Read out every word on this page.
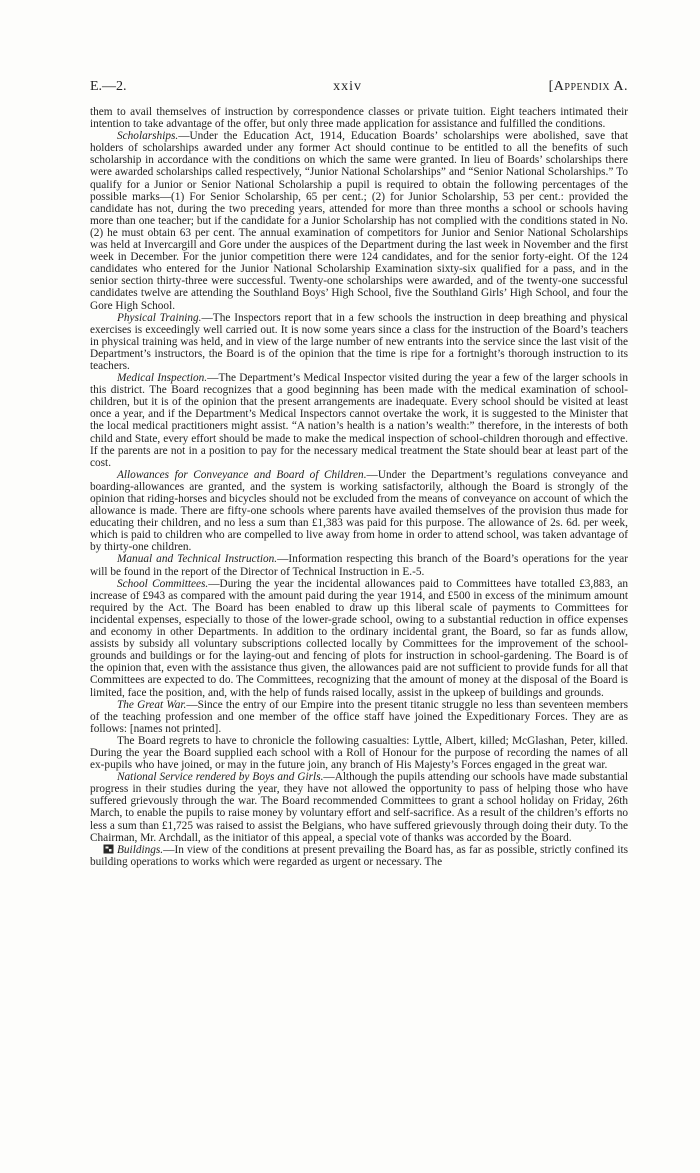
E.—2.	xxiv	[Appendix A.

them to avail themselves of instruction by correspondence classes or private tuition. Eight teachers intimated their intention to take advantage of the offer, but only three made application for assistance and fulfilled the conditions.

Scholarships.—Under the Education Act, 1914, Education Boards’ scholarships were abolished, save that holders of scholarships awarded under any former Act should continue to be entitled to all the benefits of such scholarship in accordance with the conditions on which the same were granted. In lieu of Boards’ scholarships there were awarded scholarships called respectively, “Junior National Scholarships” and “Senior National Scholarships.” To qualify for a Junior or Senior National Scholarship a pupil is required to obtain the following percentages of the possible marks—(1) For Senior Scholarship, 65 per cent.; (2) for Junior Scholarship, 53 per cent.: provided the candidate has not, during the two preceding years, attended for more than three months a school or schools having more than one teacher; but if the candidate for a Junior Scholarship has not complied with the conditions stated in No. (2) he must obtain 63 per cent. The annual examination of competitors for Junior and Senior National Scholarships was held at Invercargill and Gore under the auspices of the Department during the last week in November and the first week in December. For the junior competition there were 124 candidates, and for the senior forty-eight. Of the 124 candidates who entered for the Junior National Scholarship Examination sixty-six qualified for a pass, and in the senior section thirty-three were successful. Twenty-one scholarships were awarded, and of the twenty-one successful candidates twelve are attending the Southland Boys’ High School, five the Southland Girls’ High School, and four the Gore High School.

Physical Training.—The Inspectors report that in a few schools the instruction in deep breathing and physical exercises is exceedingly well carried out. It is now some years since a class for the instruction of the Board’s teachers in physical training was held, and in view of the large number of new entrants into the service since the last visit of the Department’s instructors, the Board is of the opinion that the time is ripe for a fortnight’s thorough instruction to its teachers.

Medical Inspection.—The Department’s Medical Inspector visited during the year a few of the larger schools in this district. The Board recognizes that a good beginning has been made with the medical examination of school-children, but it is of the opinion that the present arrangements are inadequate. Every school should be visited at least once a year, and if the Department’s Medical Inspectors cannot overtake the work, it is suggested to the Minister that the local medical practitioners might assist. “A nation’s health is a nation’s wealth:” therefore, in the interests of both child and State, every effort should be made to make the medical inspection of school-children thorough and effective. If the parents are not in a position to pay for the necessary medical treatment the State should bear at least part of the cost.

Allowances for Conveyance and Board of Children.—Under the Department’s regulations conveyance and boarding-allowances are granted, and the system is working satisfactorily, although the Board is strongly of the opinion that riding-horses and bicycles should not be excluded from the means of conveyance on account of which the allowance is made. There are fifty-one schools where parents have availed themselves of the provision thus made for educating their children, and no less a sum than £1,383 was paid for this purpose. The allowance of 2s. 6d. per week, which is paid to children who are compelled to live away from home in order to attend school, was taken advantage of by thirty-one children.

Manual and Technical Instruction.—Information respecting this branch of the Board’s operations for the year will be found in the report of the Director of Technical Instruction in E.-5.

School Committees.—During the year the incidental allowances paid to Committees have totalled £3,883, an increase of £943 as compared with the amount paid during the year 1914, and £500 in excess of the minimum amount required by the Act. The Board has been enabled to draw up this liberal scale of payments to Committees for incidental expenses, especially to those of the lower-grade school, owing to a substantial reduction in office expenses and economy in other Departments. In addition to the ordinary incidental grant, the Board, so far as funds allow, assists by subsidy all voluntary subscriptions collected locally by Committees for the improvement of the school-grounds and buildings or for the laying-out and fencing of plots for instruction in school-gardening. The Board is of the opinion that, even with the assistance thus given, the allowances paid are not sufficient to provide funds for all that Committees are expected to do. The Committees, recognizing that the amount of money at the disposal of the Board is limited, face the position, and, with the help of funds raised locally, assist in the upkeep of buildings and grounds.

The Great War.—Since the entry of our Empire into the present titanic struggle no less than seventeen members of the teaching profession and one member of the office staff have joined the Expeditionary Forces. They are as follows: [names not printed].

The Board regrets to have to chronicle the following casualties: Lyttle, Albert, killed; McGlashan, Peter, killed. During the year the Board supplied each school with a Roll of Honour for the purpose of recording the names of all ex-pupils who have joined, or may in the future join, any branch of His Majesty’s Forces engaged in the great war.

National Service rendered by Boys and Girls.—Although the pupils attending our schools have made substantial progress in their studies during the year, they have not allowed the opportunity to pass of helping those who have suffered grievously through the war. The Board recommended Committees to grant a school holiday on Friday, 26th March, to enable the pupils to raise money by voluntary effort and self-sacrifice. As a result of the children’s efforts no less a sum than £1,725 was raised to assist the Belgians, who have suffered grievously through doing their duty. To the Chairman, Mr. Archdall, as the initiator of this appeal, a special vote of thanks was accorded by the Board.

Buildings.—In view of the conditions at present prevailing the Board has, as far as possible, strictly confined its building operations to works which were regarded as urgent or necessary. The
